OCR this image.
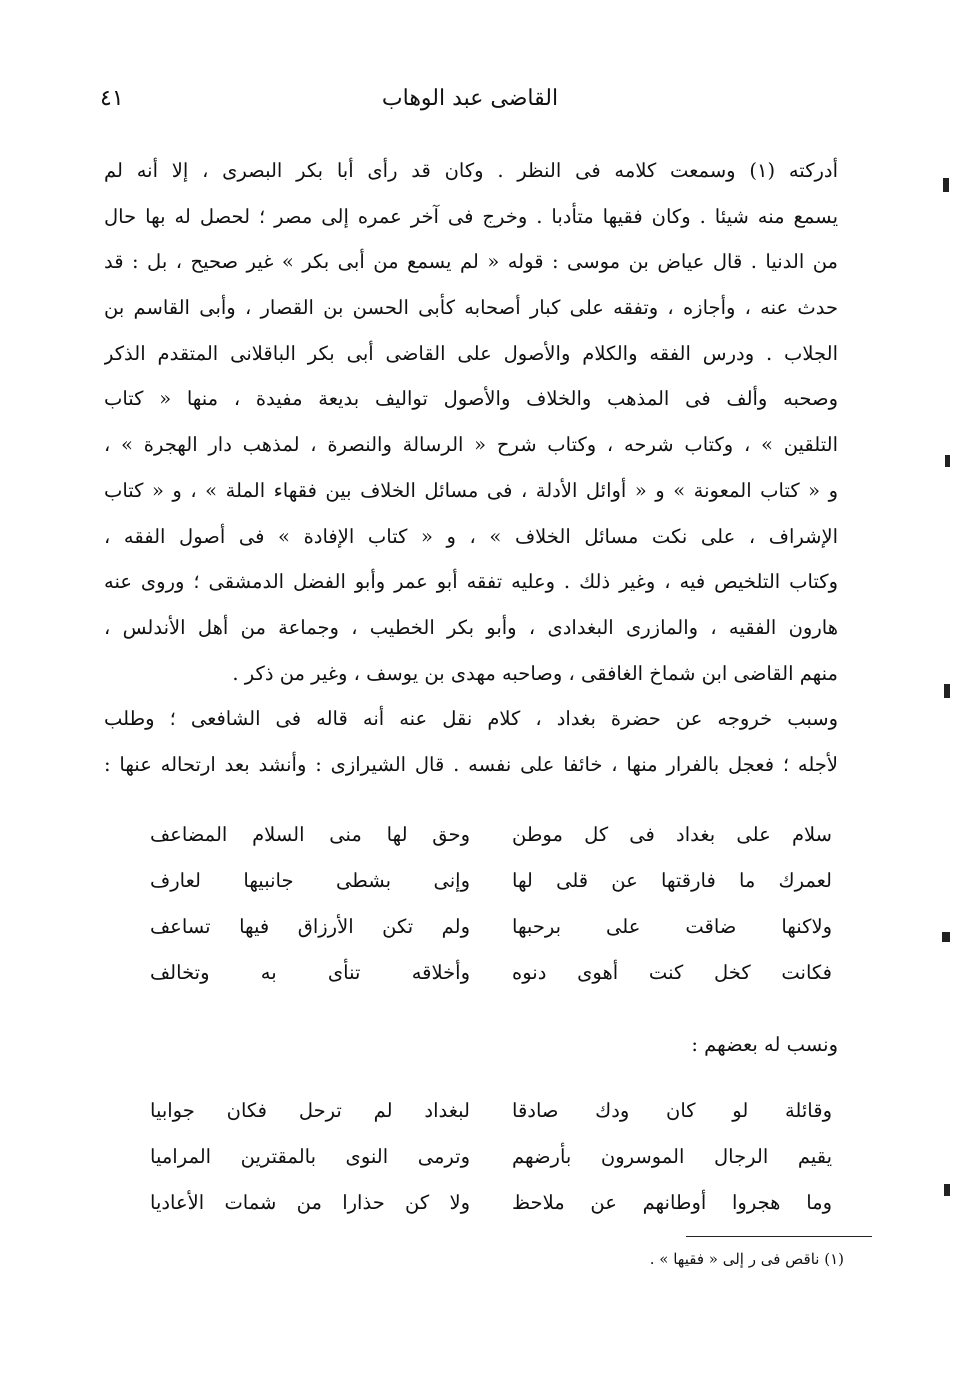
القاضى عبد الوهاب
٤١
أدركته (١) وسمعت كلامه فى النظر . وكان قد رأى أبا بكر البصرى ، إلا أنه لم
يسمع منه شيئا . وكان فقيها متأدبا . وخرج فى آخر عمره إلى مصر ؛ لحصل له بها حال
من الدنيا . قال عياض بن موسى : قوله « لم يسمع من أبى بكر » غير صحيح ، بل : قد
حدث عنه ، وأجازه ، وتفقه على كبار أصحابه كأبى الحسن بن القصار ، وأبى القاسم بن
الجلاب . ودرس الفقه والكلام والأصول على القاضى أبى بكر الباقلانى المتقدم الذكر
وصحبه وألف فى المذهب والخلاف والأصول تواليف بديعة مفيدة ، منها « كتاب
التلقين » ، وكتاب شرحه ، وكتاب شرح « الرسالة والنصرة ، لمذهب دار الهجرة » ،
و « كتاب المعونة » و « أوائل الأدلة ، فى مسائل الخلاف بين فقهاء الملة » ، و « كتاب
الإشراف ، على نكت مسائل الخلاف » ، و « كتاب الإفادة » فى أصول الفقه ،
وكتاب التلخيص فيه ، وغير ذلك . وعليه تفقه أبو عمر وأبو الفضل الدمشقى ؛ وروى عنه
هارون الفقيه ، والمازرى البغدادى ، وأبو بكر الخطيب ، وجماعة من أهل الأندلس ،
منهم القاضى ابن شماخ الغافقى ، وصاحبه مهدى بن يوسف ، وغير من ذكر .
وسبب خروجه عن حضرة بغداد ، كلام نقل عنه أنه قاله فى الشافعى ؛ وطلب
لأجله ؛ فعجل بالفرار منها ، خائفا على نفسه . قال الشيرازى : وأنشد بعد ارتحاله عنها :
سلام على بغداد فى كل موطن
وحق لها منى السلام المضاعف
لعمرك ما فارقتها عن قلى لها
وإنى بشطى جانبيها لعارف
ولاكنها ضاقت على برحبها
ولم تكن الأرزاق فيها تساعف
فكانت كخل كنت أهوى دنوه
وأخلاقه تنأى به وتخالف
ونسب له بعضهم :
وقائلة لو كان ودك صادقا
لبغداد لم ترحل فكان جوابيا
يقيم الرجال الموسرون بأرضهم
وترمى النوى بالمقترين المراميا
وما هجروا أوطانهم عن ملاحظ
ولا كن حذارا من شمات الأعاديا
(١) ناقص فى ر إلى « فقيها » .
